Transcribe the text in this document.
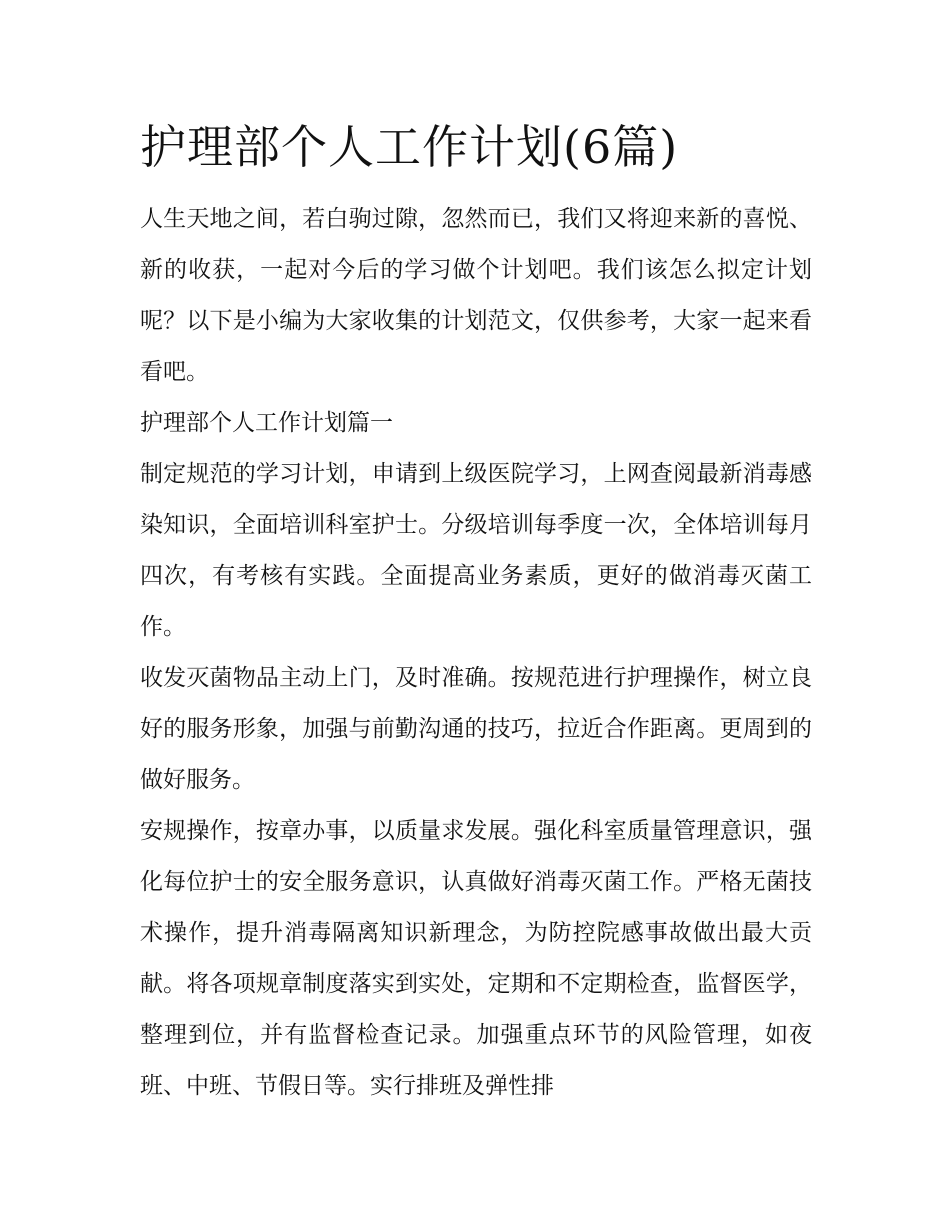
护理部个人工作计划(6篇)

人生天地之间，若白驹过隙，忽然而已，我们又将迎来新的喜悦、新的收获，一起对今后的学习做个计划吧。我们该怎么拟定计划呢？以下是小编为大家收集的计划范文，仅供参考，大家一起来看看吧。

护理部个人工作计划篇一

制定规范的学习计划，申请到上级医院学习，上网查阅最新消毒感染知识，全面培训科室护士。分级培训每季度一次，全体培训每月四次，有考核有实践。全面提高业务素质，更好的做消毒灭菌工作。

收发灭菌物品主动上门，及时准确。按规范进行护理操作，树立良好的服务形象，加强与前勤沟通的技巧，拉近合作距离。更周到的做好服务。

安规操作，按章办事，以质量求发展。强化科室质量管理意识，强化每位护士的安全服务意识，认真做好消毒灭菌工作。严格无菌技术操作，提升消毒隔离知识新理念，为防控院感事故做出最大贡献。将各项规章制度落实到实处，定期和不定期检查，监督医学，整理到位，并有监督检查记录。加强重点环节的风险管理，如夜班、中班、节假日等。实行排班及弹性排
